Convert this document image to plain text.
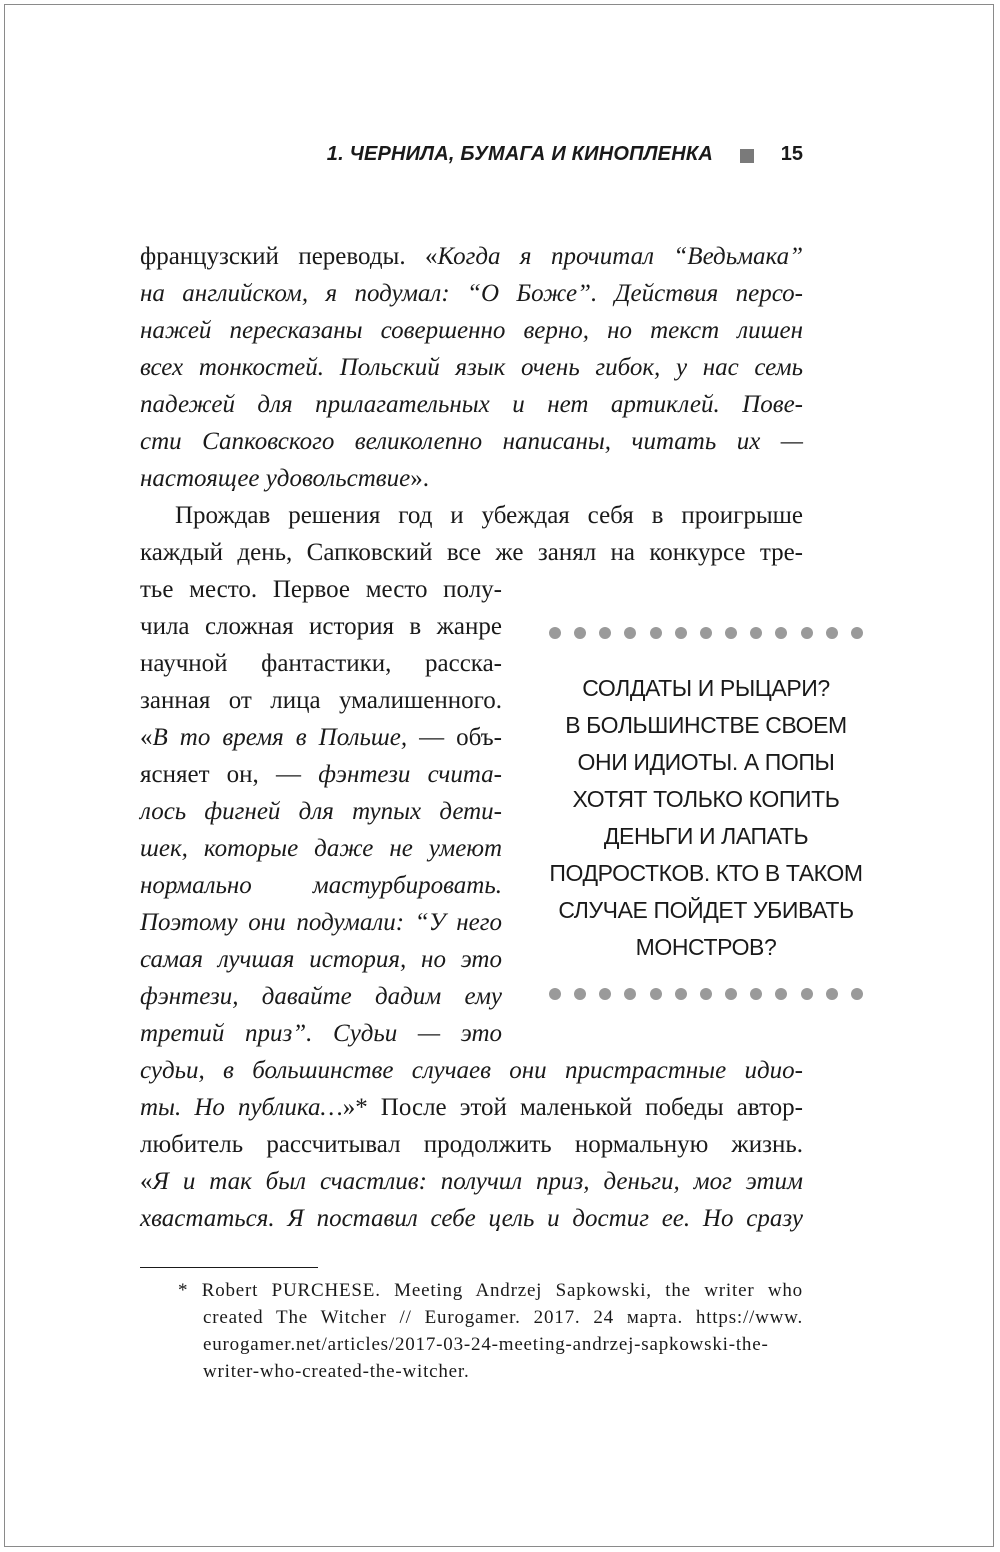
1. ЧЕРНИЛА, БУМАГА И КИНОПЛЕНКА	15
французский переводы. «Когда я прочитал “Ведьмака”
на английском, я подумал: “О Боже”. Действия персо-
нажей пересказаны совершенно верно, но текст лишен
всех тонкостей. Польский язык очень гибок, у нас семь
падежей для прилагательных и нет артиклей. Пове-
сти Сапковского великолепно написаны, читать их —
настоящее удовольствие».
Прождав решения год и убеждая себя в проигрыше
каждый день, Сапковский все же занял на конкурсе тре-
тье место. Первое место полу-
чила сложная история в жанре
научной фантастики, расска-
занная от лица умалишенного.
«В то время в Польше, — объ-
ясняет он, — фэнтези счита-
лось фигней для тупых дети-
шек, которые даже не умеют
нормально мастурбировать.
Поэтому они подумали: “У него
самая лучшая история, но это
фэнтези, давайте дадим ему
третий приз”. Судьи — это
судьи, в большинстве случаев они пристрастные идио-
ты. Но публика…»* После этой маленькой победы автор-
любитель рассчитывал продолжить нормальную жизнь.
«Я и так был счастлив: получил приз, деньги, мог этим
хвастаться. Я поставил себе цель и достиг ее. Но сразу
СОЛДАТЫ И РЫЦАРИ?
В БОЛЬШИНСТВЕ СВОЕМ
ОНИ ИДИОТЫ. А ПОПЫ
ХОТЯТ ТОЛЬКО КОПИТЬ
ДЕНЬГИ И ЛАПАТЬ
ПОДРОСТКОВ. КТО В ТАКОМ
СЛУЧАЕ ПОЙДЕТ УБИВАТЬ
МОНСТРОВ?
* Robert PURCHESE. Meeting Andrzej Sapkowski, the writer who
created The Witcher // Eurogamer. 2017. 24 марта. https://www.
eurogamer.net/articles/2017-03-24-meeting-andrzej-sapkowski-the-
writer-who-created-the-witcher.
